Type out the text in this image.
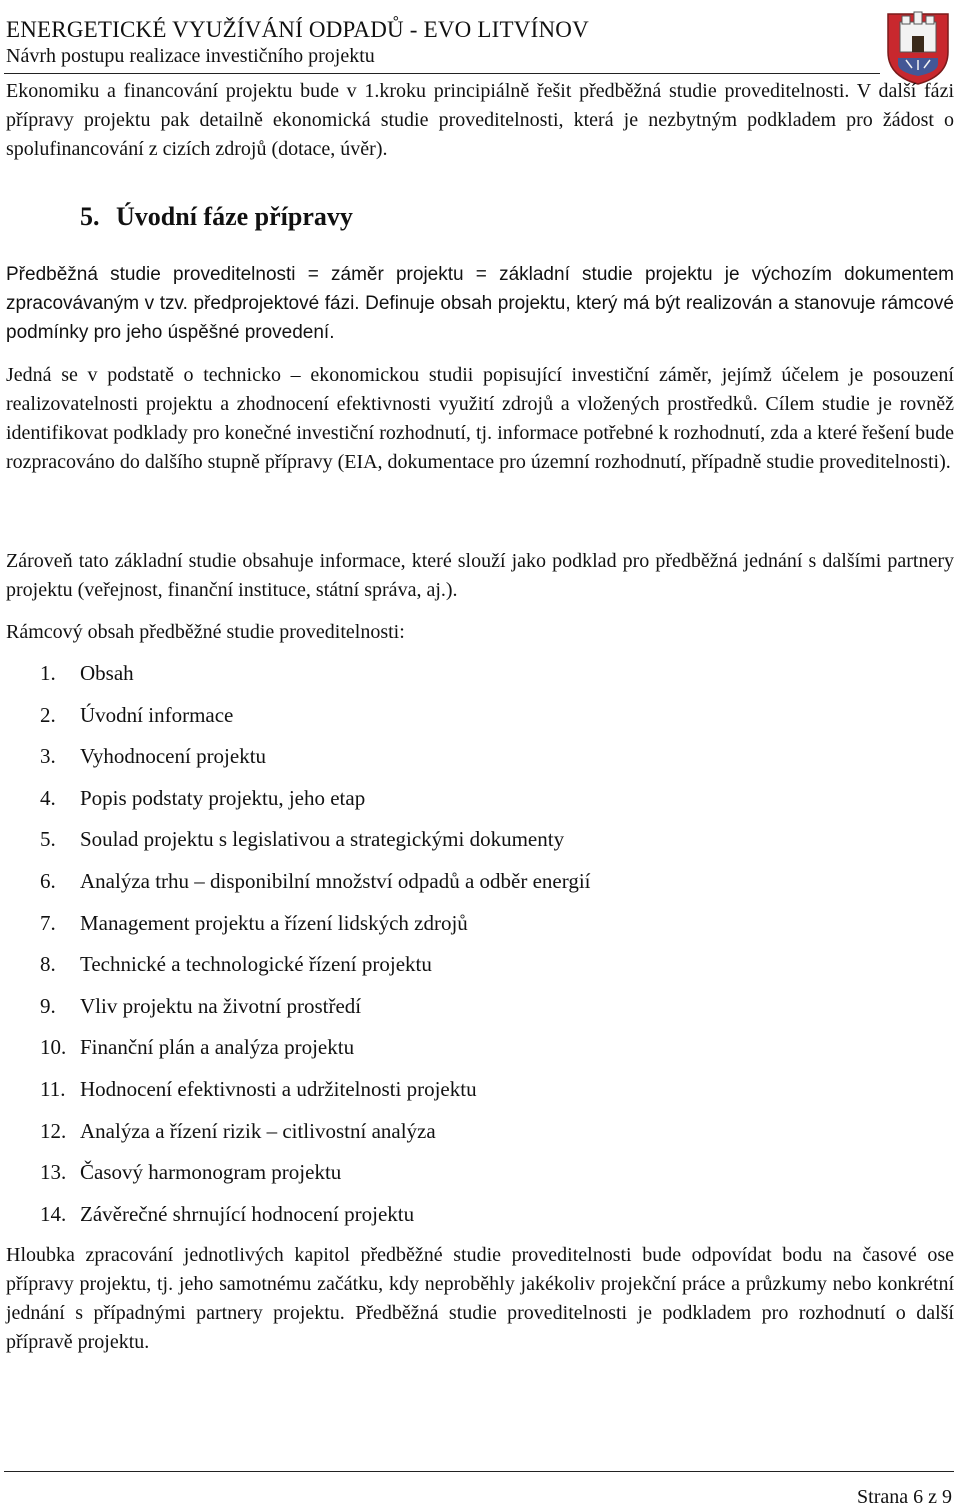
ENERGETICKÉ VYUŽÍVÁNÍ ODPADŮ - EVO LITVÍNOV
Návrh postupu realizace investičního projektu

Ekonomiku a financování projektu bude v 1.kroku principiálně řešit předběžná studie proveditelnosti. V další fázi přípravy projektu pak detailně ekonomická studie proveditelnosti, která je nezbytným podkladem pro žádost o spolufinancování z cizích zdrojů (dotace, úvěr).

5. Úvodní fáze přípravy

Předběžná studie proveditelnosti = záměr projektu = základní studie projektu je výchozím dokumentem zpracovávaným v tzv. předprojektové fázi. Definuje obsah projektu, který má být realizován a stanovuje rámcové podmínky pro jeho úspěšné provedení.

Jedná se v podstatě o technicko – ekonomickou studii popisující investiční záměr, jejímž účelem je posouzení realizovatelnosti projektu a zhodnocení efektivnosti využití zdrojů a vložených prostředků. Cílem studie je rovněž identifikovat podklady pro konečné investiční rozhodnutí, tj. informace potřebné k rozhodnutí, zda a které řešení bude rozpracováno do dalšího stupně přípravy (EIA, dokumentace pro územní rozhodnutí, případně studie proveditelnosti).

Zároveň tato základní studie obsahuje informace, které slouží jako podklad pro předběžná jednání s dalšími partnery projektu (veřejnost, finanční instituce, státní správa, aj.).

Rámcový obsah předběžné studie proveditelnosti:

1. Obsah
2. Úvodní informace
3. Vyhodnocení projektu
4. Popis podstaty projektu, jeho etap
5. Soulad projektu s legislativou a strategickými dokumenty
6. Analýza trhu – disponibilní množství odpadů a odběr energií
7. Management projektu a řízení lidských zdrojů
8. Technické a technologické řízení projektu
9. Vliv projektu na životní prostředí
10. Finanční plán a analýza projektu
11. Hodnocení efektivnosti a udržitelnosti projektu
12. Analýza a řízení rizik – citlivostní analýza
13. Časový harmonogram projektu
14. Závěrečné shrnující hodnocení projektu

Hloubka zpracování jednotlivých kapitol předběžné studie proveditelnosti bude odpovídat bodu na časové ose přípravy projektu, tj. jeho samotnému začátku, kdy neproběhly jakékoliv projekční práce a průzkumy nebo konkrétní jednání s případnými partnery projektu. Předběžná studie proveditelnosti je podkladem pro rozhodnutí o další přípravě projektu.

Strana 6 z 9
